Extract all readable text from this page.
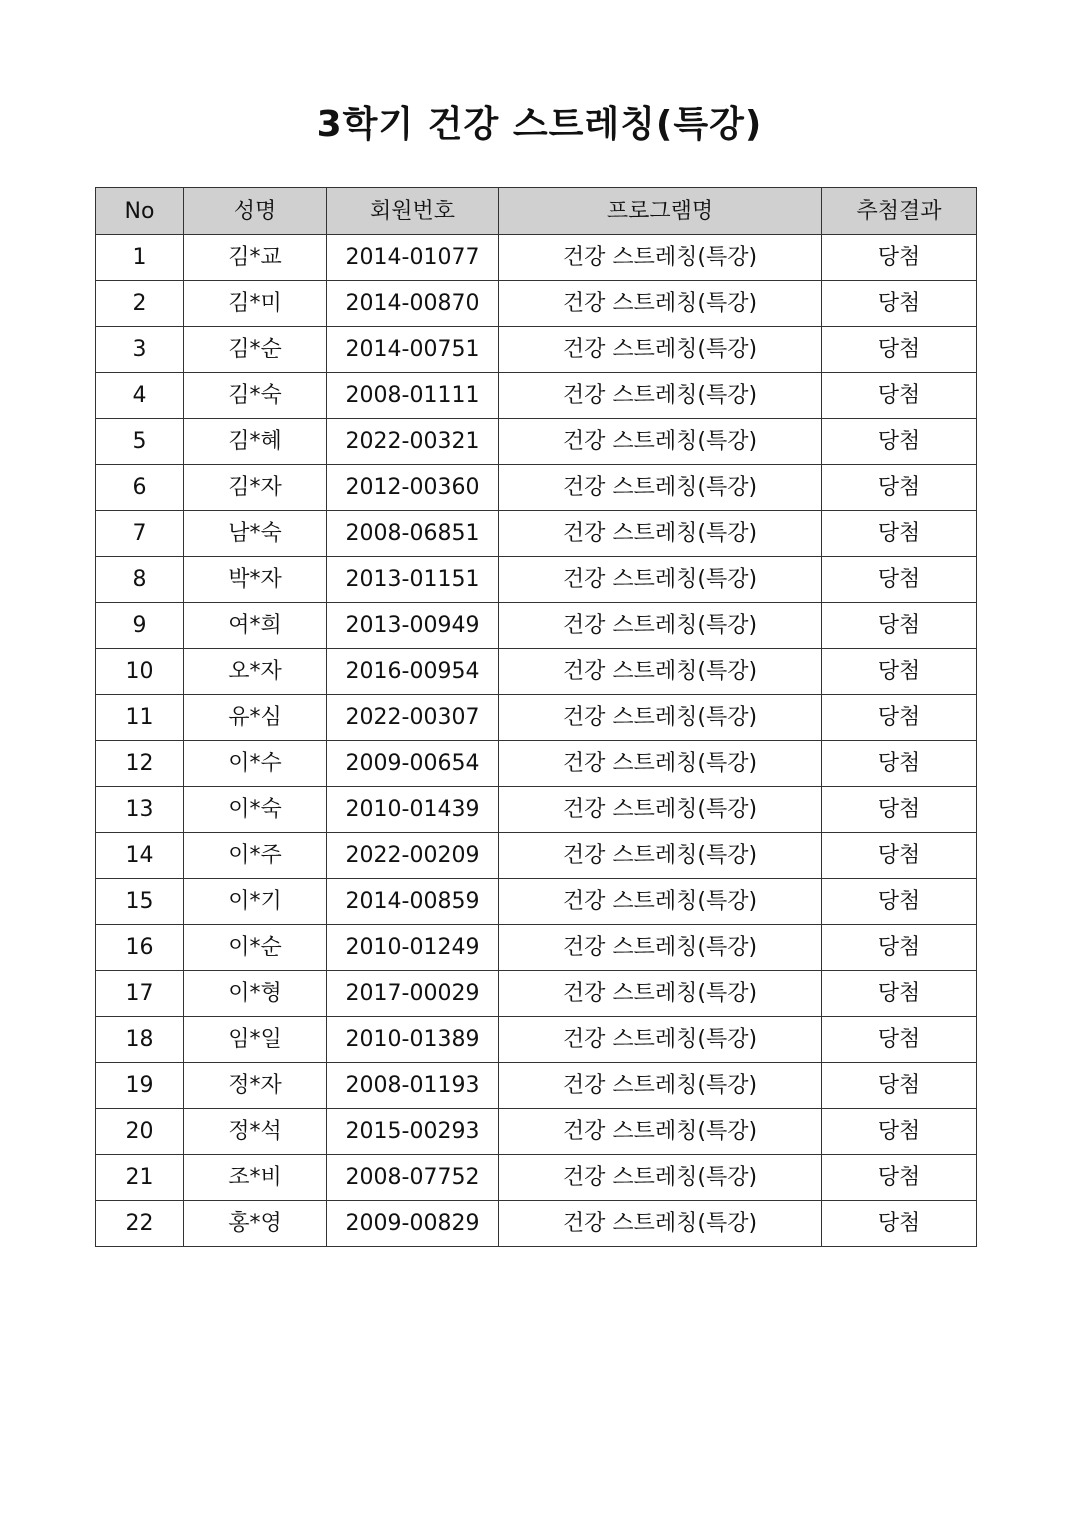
3학기 건강 스트레칭(특강)
No	성명	회원번호	프로그램명	추첨결과
1	김*교	2014-01077	건강 스트레칭(특강)	당첨
2	김*미	2014-00870	건강 스트레칭(특강)	당첨
3	김*순	2014-00751	건강 스트레칭(특강)	당첨
4	김*숙	2008-01111	건강 스트레칭(특강)	당첨
5	김*혜	2022-00321	건강 스트레칭(특강)	당첨
6	김*자	2012-00360	건강 스트레칭(특강)	당첨
7	남*숙	2008-06851	건강 스트레칭(특강)	당첨
8	박*자	2013-01151	건강 스트레칭(특강)	당첨
9	여*희	2013-00949	건강 스트레칭(특강)	당첨
10	오*자	2016-00954	건강 스트레칭(특강)	당첨
11	유*심	2022-00307	건강 스트레칭(특강)	당첨
12	이*수	2009-00654	건강 스트레칭(특강)	당첨
13	이*숙	2010-01439	건강 스트레칭(특강)	당첨
14	이*주	2022-00209	건강 스트레칭(특강)	당첨
15	이*기	2014-00859	건강 스트레칭(특강)	당첨
16	이*순	2010-01249	건강 스트레칭(특강)	당첨
17	이*형	2017-00029	건강 스트레칭(특강)	당첨
18	임*일	2010-01389	건강 스트레칭(특강)	당첨
19	정*자	2008-01193	건강 스트레칭(특강)	당첨
20	정*석	2015-00293	건강 스트레칭(특강)	당첨
21	조*비	2008-07752	건강 스트레칭(특강)	당첨
22	홍*영	2009-00829	건강 스트레칭(특강)	당첨
